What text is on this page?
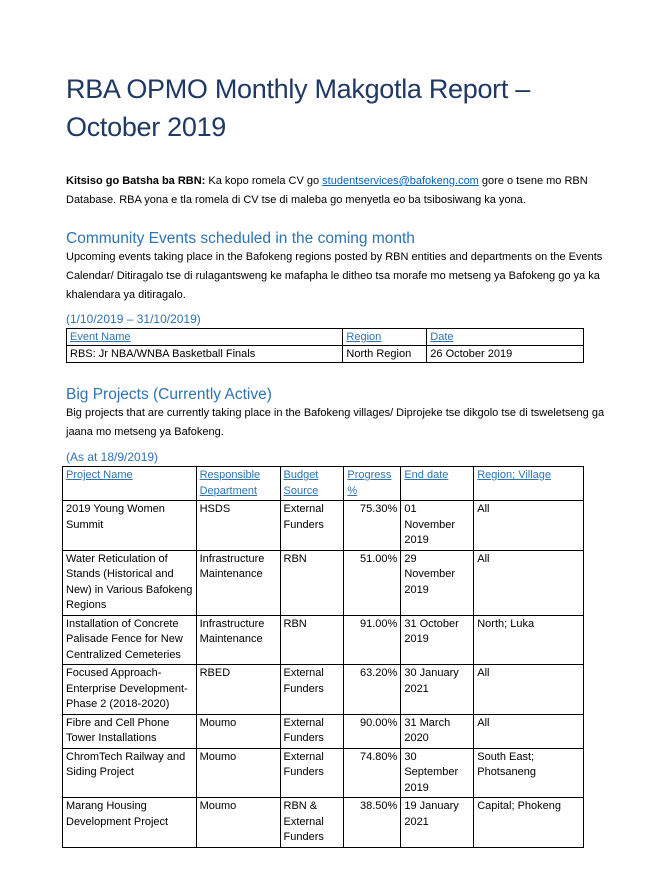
RBA OPMO Monthly Makgotla Report – October 2019
Kitsiso go Batsha ba RBN: Ka kopo romela CV go studentservices@bafokeng.com gore o tsene mo RBN Database. RBA yona e tla romela di CV tse di maleba go menyetla eo ba tsibosiwang ka yona.
Community Events scheduled in the coming month
Upcoming events taking place in the Bafokeng regions posted by RBN entities and departments on the Events Calendar/ Ditiragalo tse di rulagantsweng ke mafapha le ditheo tsa morafe mo metseng ya Bafokeng go ya ka khalendara ya ditiragalo.
(1/10/2019 – 31/10/2019)
Event Name	Region	Date
RBS: Jr NBA/WNBA Basketball Finals	North Region	26 October 2019
Big Projects (Currently Active)
Big projects that are currently taking place in the Bafokeng villages/ Diprojeke tse dikgolo tse di tsweletseng ga jaana mo metseng ya Bafokeng.
(As at 18/9/2019)
Project Name	Responsible Department	Budget Source	Progress %	End date	Region; Village
2019 Young Women Summit	HSDS	External Funders	75.30%	01 November 2019	All
Water Reticulation of Stands (Historical and New) in Various Bafokeng Regions	Infrastructure Maintenance	RBN	51.00%	29 November 2019	All
Installation of Concrete Palisade Fence for New Centralized Cemeteries	Infrastructure Maintenance	RBN	91.00%	31 October 2019	North; Luka
Focused Approach- Enterprise Development- Phase 2 (2018-2020)	RBED	External Funders	63.20%	30 January 2021	All
Fibre and Cell Phone Tower Installations	Moumo	External Funders	90.00%	31 March 2020	All
ChromTech Railway and Siding Project	Moumo	External Funders	74.80%	30 September 2019	South East; Photsaneng
Marang Housing Development Project	Moumo	RBN & External Funders	38.50%	19 January 2021	Capital; Phokeng
